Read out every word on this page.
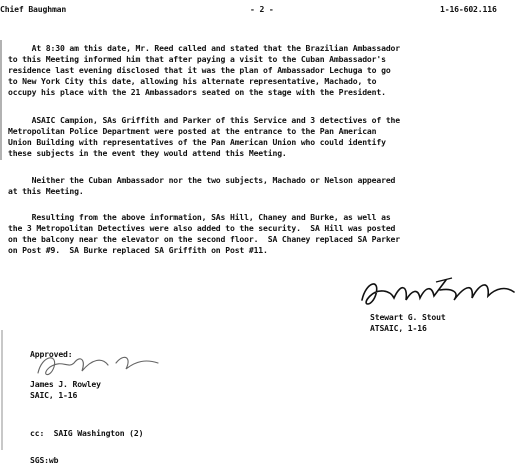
Chief Baughman	- 2 -	1-16-602.116
At 8:30 am this date, Mr. Reed called and stated that the Brazilian Ambassador
to this Meeting informed him that after paying a visit to the Cuban Ambassador's
residence last evening disclosed that it was the plan of Ambassador Lechuga to go
to New York City this date, allowing his alternate representative, Machado, to
occupy his place with the 21 Ambassadors seated on the stage with the President.
ASAIC Campion, SAs Griffith and Parker of this Service and 3 detectives of the
Metropolitan Police Department were posted at the entrance to the Pan American
Union Building with representatives of the Pan American Union who could identify
these subjects in the event they would attend this Meeting.
Neither the Cuban Ambassador nor the two subjects, Machado or Nelson appeared
at this Meeting.
Resulting from the above information, SAs Hill, Chaney and Burke, as well as
the 3 Metropolitan Detectives were also added to the security.  SA Hill was posted
on the balcony near the elevator on the second floor.  SA Chaney replaced SA Parker
on Post #9.  SA Burke replaced SA Griffith on Post #11.
Stewart G. Stout
ATSAIC, 1-16
Approved:
James J. Rowley
SAIC, 1-16
cc:  SAIG Washington (2)
SGS:wb
